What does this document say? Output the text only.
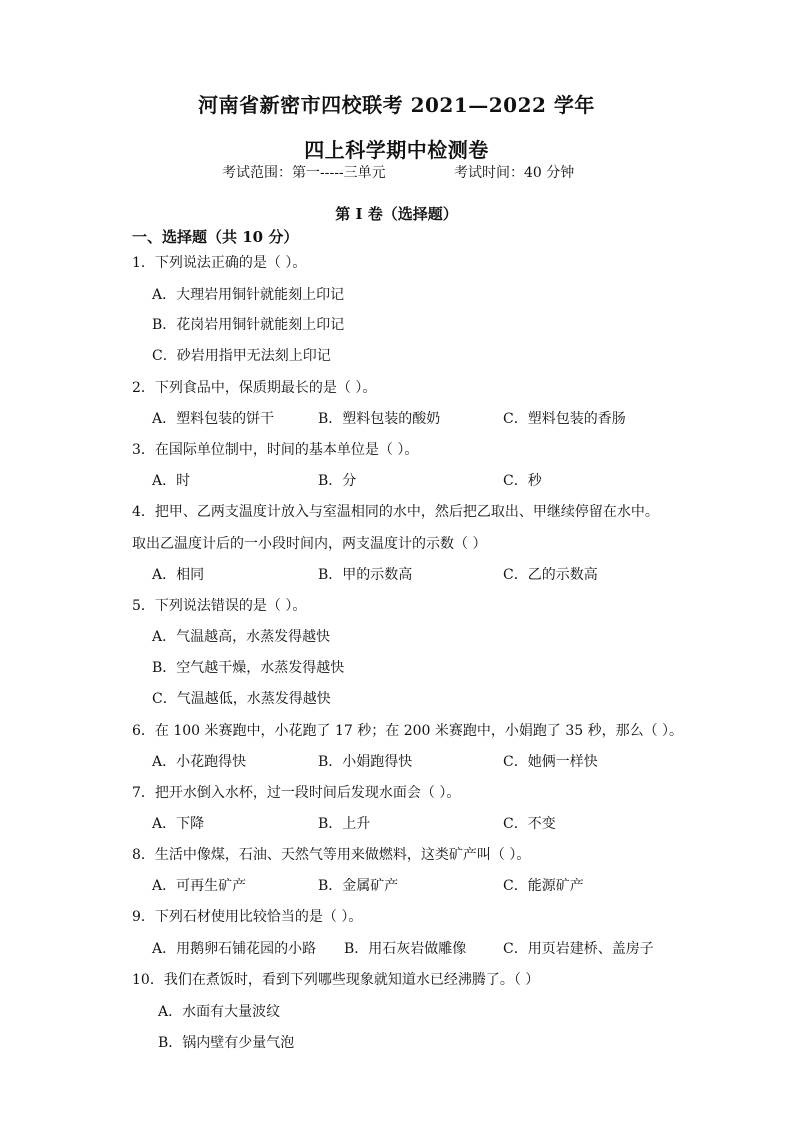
河南省新密市四校联考 2021—2022 学年
四上科学期中检测卷
考试范围：第一-----三单元	考试时间：40 分钟
第 I 卷（选择题）
一、选择题（共 10 分）
1．下列说法正确的是（ ）。
A．大理岩用铜针就能刻上印记
B．花岗岩用铜针就能刻上印记
C．砂岩用指甲无法刻上印记
2．下列食品中，保质期最长的是（ ）。
A．塑料包装的饼干	B．塑料包装的酸奶	C．塑料包装的香肠
3．在国际单位制中，时间的基本单位是（ ）。
A．时	B．分	C．秒
4．把甲、乙两支温度计放入与室温相同的水中，然后把乙取出、甲继续停留在水中。
取出乙温度计后的一小段时间内，两支温度计的示数（ ）
A．相同	B．甲的示数高	C．乙的示数高
5．下列说法错误的是（ ）。
A．气温越高，水蒸发得越快
B．空气越干燥，水蒸发得越快
C．气温越低，水蒸发得越快
6．在 100 米赛跑中，小花跑了 17 秒；在 200 米赛跑中，小娟跑了 35 秒，那么（ ）。
A．小花跑得快	B．小娟跑得快	C．她俩一样快
7．把开水倒入水杯，过一段时间后发现水面会（ ）。
A．下降	B．上升	C．不变
8．生活中像煤，石油、天然气等用来做燃料，这类矿产叫（ ）。
A．可再生矿产	B．金属矿产	C．能源矿产
9．下列石材使用比较恰当的是（ ）。
A．用鹅卵石铺花园的小路 B．用石灰岩做雕像	C．用页岩建桥、盖房子
10．我们在煮饭时，看到下列哪些现象就知道水已经沸腾了。（ ）
A．水面有大量波纹
B．锅内壁有少量气泡
